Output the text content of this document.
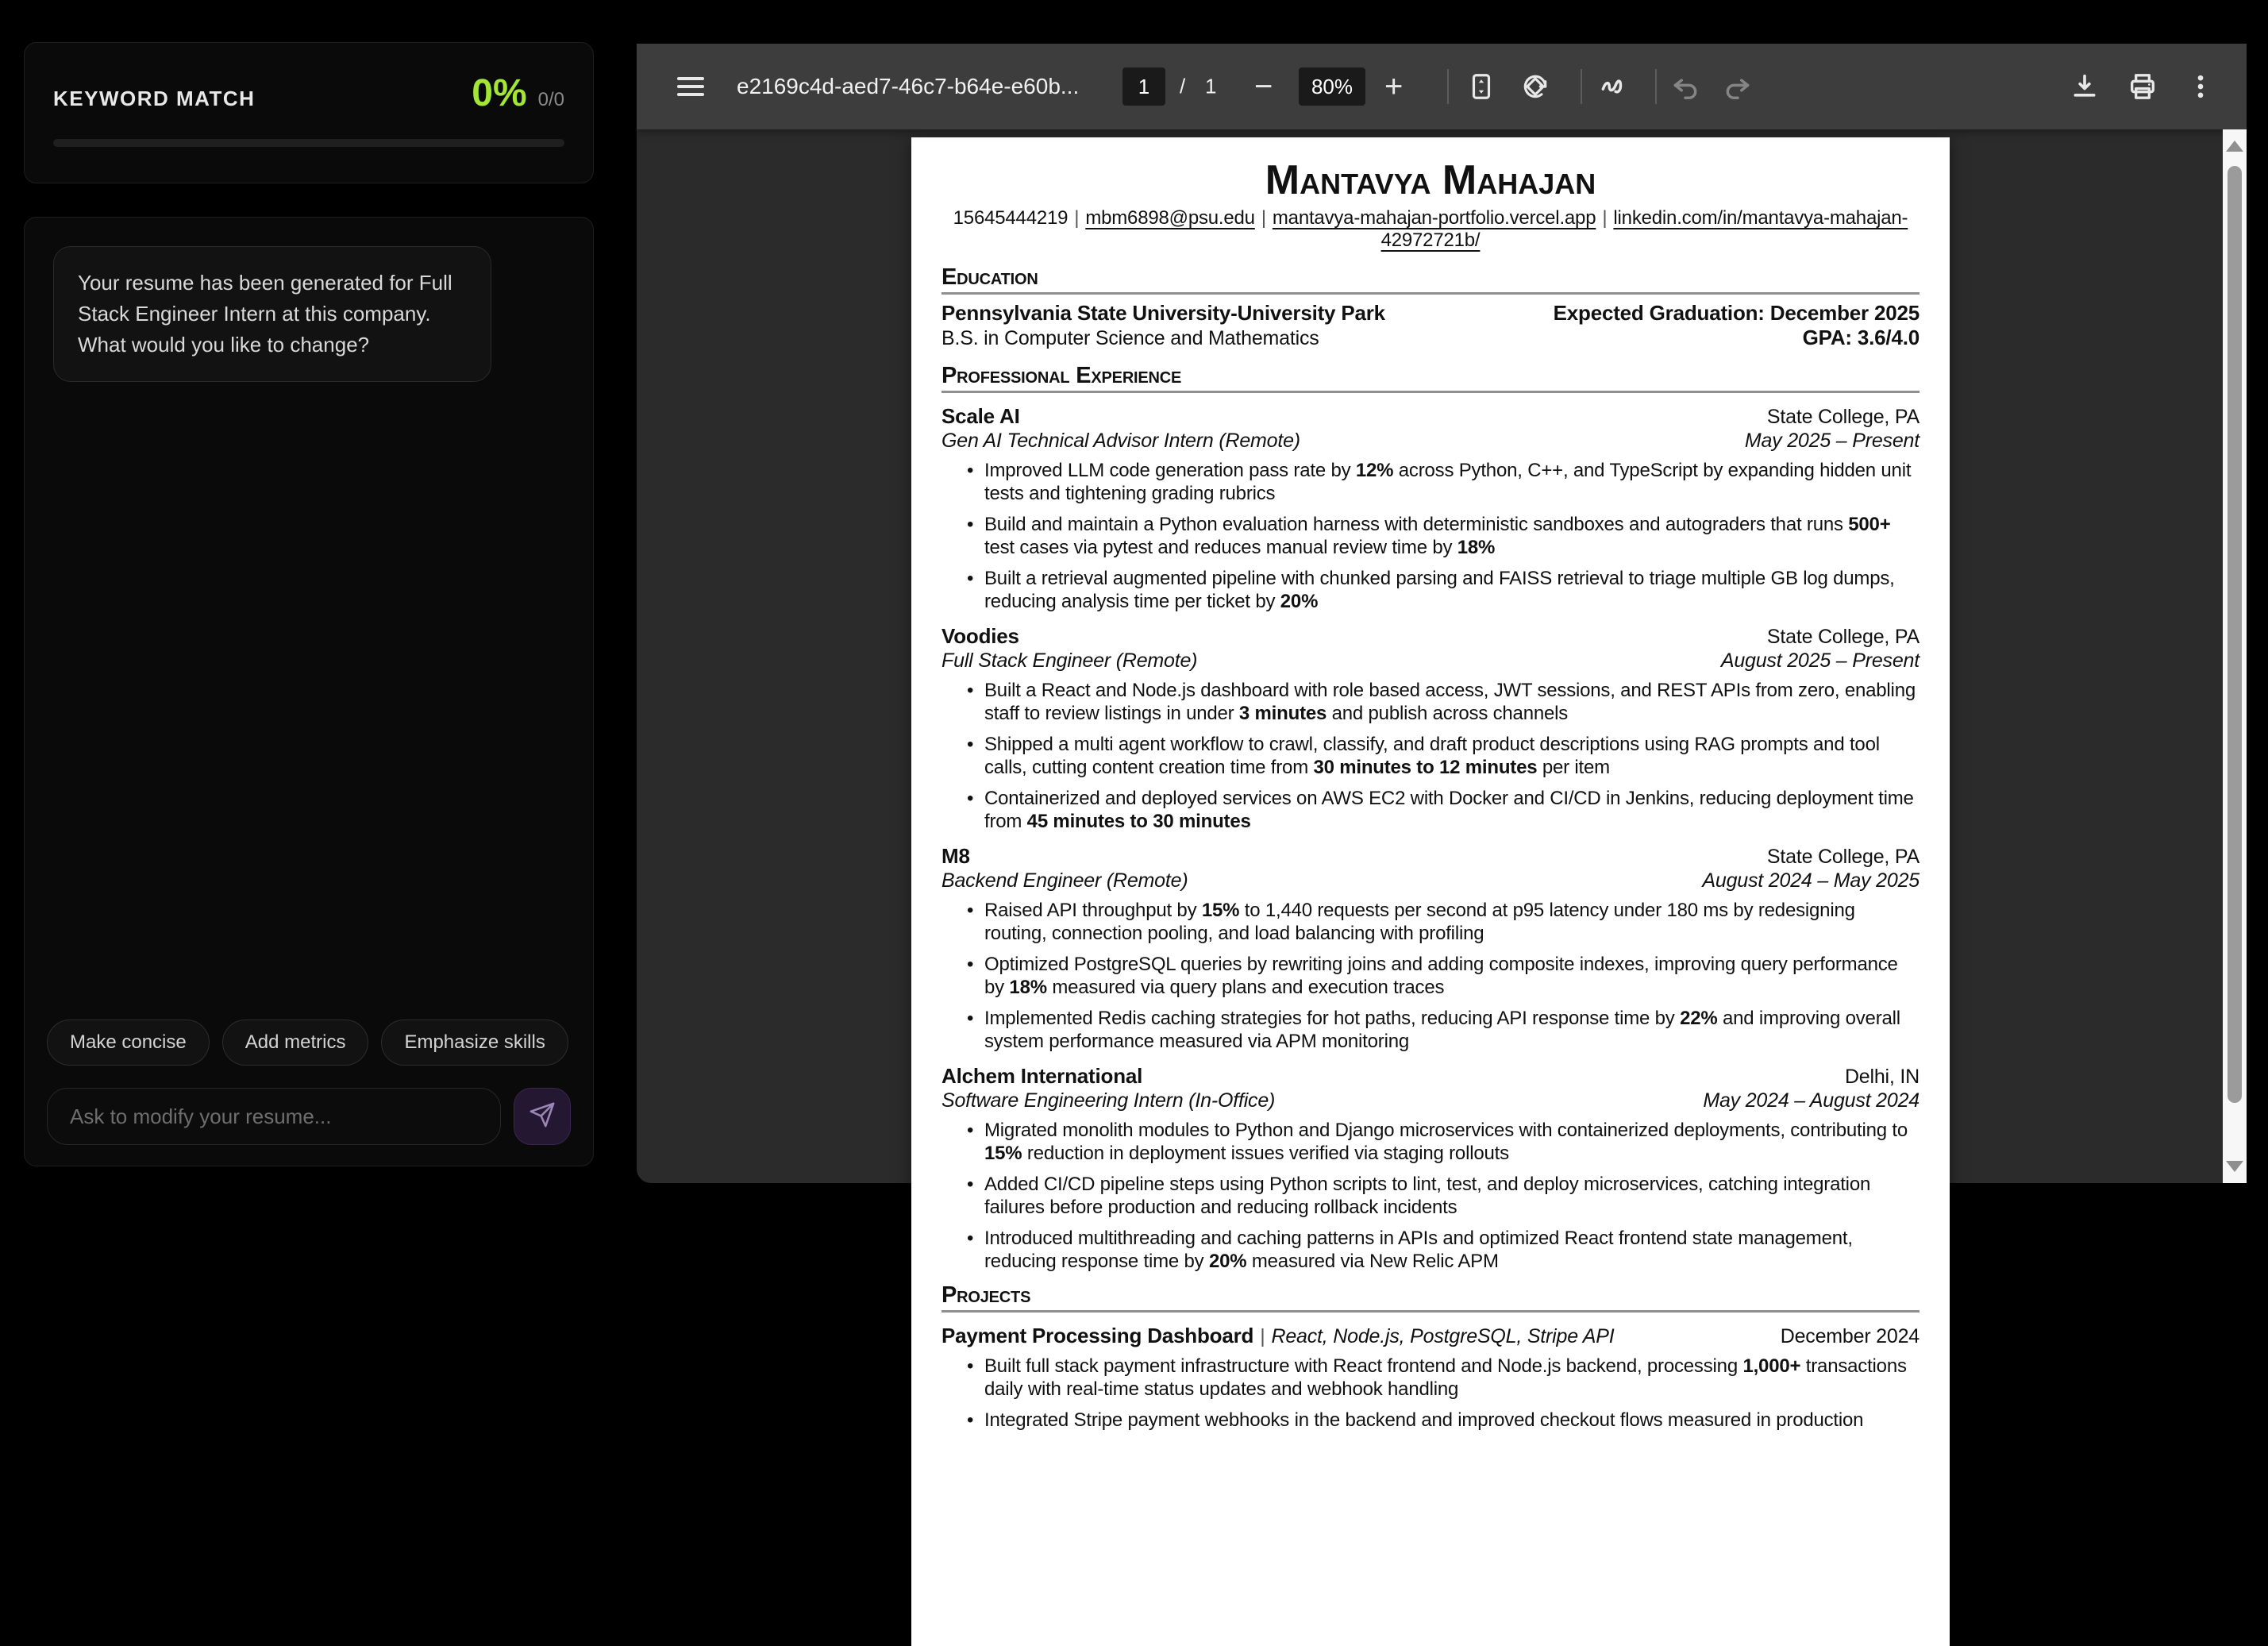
KEYWORD MATCH	0% 0/0
Your resume has been generated for Full Stack Engineer Intern at this company. What would you like to change?
Make concise	Add metrics	Emphasize skills
Ask to modify your resume...
e2169c4d-aed7-46c7-b64e-e60b...	1 / 1 − 80% +
Mantavya Mahajan
15645444219 | mbm6898@psu.edu | mantavya-mahajan-portfolio.vercel.app | linkedin.com/in/mantavya-mahajan-42972721b/
Education
Pennsylvania State University-University Park	Expected Graduation: December 2025
B.S. in Computer Science and Mathematics	GPA: 3.6/4.0
Professional Experience
Scale AI	State College, PA
Gen AI Technical Advisor Intern (Remote)	May 2025 – Present
• Improved LLM code generation pass rate by 12% across Python, C++, and TypeScript by expanding hidden unit tests and tightening grading rubrics
• Build and maintain a Python evaluation harness with deterministic sandboxes and autograders that runs 500+ test cases via pytest and reduces manual review time by 18%
• Built a retrieval augmented pipeline with chunked parsing and FAISS retrieval to triage multiple GB log dumps, reducing analysis time per ticket by 20%
Voodies	State College, PA
Full Stack Engineer (Remote)	August 2025 – Present
• Built a React and Node.js dashboard with role based access, JWT sessions, and REST APIs from zero, enabling staff to review listings in under 3 minutes and publish across channels
• Shipped a multi agent workflow to crawl, classify, and draft product descriptions using RAG prompts and tool calls, cutting content creation time from 30 minutes to 12 minutes per item
• Containerized and deployed services on AWS EC2 with Docker and CI/CD in Jenkins, reducing deployment time from 45 minutes to 30 minutes
M8	State College, PA
Backend Engineer (Remote)	August 2024 – May 2025
• Raised API throughput by 15% to 1,440 requests per second at p95 latency under 180 ms by redesigning routing, connection pooling, and load balancing with profiling
• Optimized PostgreSQL queries by rewriting joins and adding composite indexes, improving query performance by 18% measured via query plans and execution traces
• Implemented Redis caching strategies for hot paths, reducing API response time by 22% and improving overall system performance measured via APM monitoring
Alchem International	Delhi, IN
Software Engineering Intern (In-Office)	May 2024 – August 2024
• Migrated monolith modules to Python and Django microservices with containerized deployments, contributing to 15% reduction in deployment issues verified via staging rollouts
• Added CI/CD pipeline steps using Python scripts to lint, test, and deploy microservices, catching integration failures before production and reducing rollback incidents
• Introduced multithreading and caching patterns in APIs and optimized React frontend state management, reducing response time by 20% measured via New Relic APM
Projects
Payment Processing Dashboard | React, Node.js, PostgreSQL, Stripe API	December 2024
• Built full stack payment infrastructure with React frontend and Node.js backend, processing 1,000+ transactions daily with real-time status updates and webhook handling
• Integrated Stripe payment webhooks in the backend and improved checkout flows measured in production
